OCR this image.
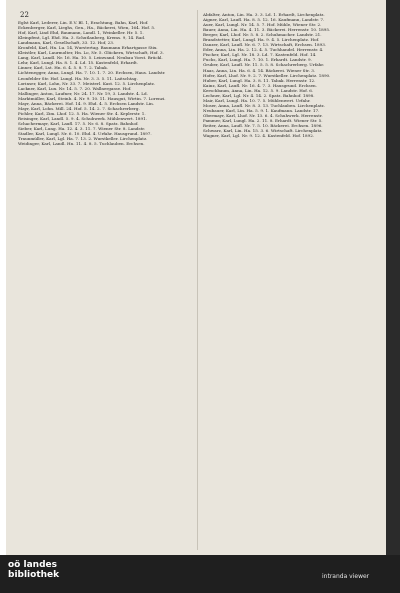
22

Eglst Karl, Lederer, Lin. E.V. Bl. 1, Erachtung, Bahn, Karl, Hof.

Eckenberger, Karl, Lieghs, Gen., Ha., Bäckerei, Wien, 164. Hof. 5.

Hof, Karl, Lind Ehd, Baumann, Landl. 1, Weinkeller. Hr. 5. 1.

Kleinpfent, Lgl. Ehd. Ha. 3. Schutlanberg, Krems. 9, 14. Rad.

Landmann, Karl, Gesellschaft, 33. 12. Hof, 23.

Kronfeld, Karl, Hn. Lu. 14, Wurstertag. Baumann Erhartgasse Stix.

Kleistler, Karl, Laurmolter, Hn. Lo, Nr. 5. Glückern, Wirtschaft, Hof. 3.

Lang, Karl, Landl. Nr. 16. Ha. 10. 5. Leinwand. Neubau Vorst. Brückl.

Lehr, Karl, Lungl. Ha. 8. 1. 4. Ld. 15. Kastenfeld, Erhardt.

Linner, Karl, Lst. Hn. 6. 4. 5. 8. 7. 2. Tabak.

Lichtenegger, Anna, Lungl. Ha. 7. 10. 1. 7. 20. Erchsen, Haus. Landstr.

Leonfelder Str. Hof. Lungl. Ha. Nr. 3. 3. 5. 11. Laitschtag.

Lorinser, Karl, Lohn, Nr. 33. 7. Meisterl. Kast. 12. 5. Lirchenplatz.

Lackner, Karl, Lux. Nr. 14. 5. 7. 20. Wallnergasse. Hof.

Mallinger, Anton, Laufner, Nr. 24. 17. Nr. 19, 3. Landstr. 4. Ld.

Marktmüller, Karl, Steinb. 4. Nr. 9. 10. 11. Hausgut, Wirtin. 7. Lorenzi.

Mayr, Anna, Bäckerei. Hof. 14. 9. Ehd. 4. 5. Erchsen Landstr. Lin.

Mayr, Karl, Lohn. Mill. 24. Hof. 5. 14. 2. 7. Schachrerberg.

Pichler, Karl, Zim. Lhof. 12. 5. Ha. Wiener Str. 4. Keplerstr. 1.

Reisinger, Karl, Landl. 5. 9. 4. Schuhwerk. Mühlenwert. 1891.

Schachermayr, Karl, Laufl. 17. 5. Nr. 6. 8. Spatz. Bahnhof.

Sieber, Karl, Lung. Ha. 12. 4. 3. 11. 7. Wiener Str. 8. Landstr.

Stadler, Karl, Lungl. Nr. 6. 10. Ehd. 4. Urfahr. Hausgrund. 1897.

Traunmüller, Karl, Lgl. Ha. 7. 13. 2. Wurstkeller. Lirchenplatz.

Weidinger, Karl, Landl. Hn. 11. 4. 8. 5. Tuchlauben. Erchsen.

Abfalter, Anton, Lin. Ha. 3. 3. Ld. 1. Erhardt, Lirchenplatz.

Aigner, Karl, Laufl. Ha. 8. 5. 12. 16. Kaufmann, Landstr. 7.

Auer, Karl, Lungl. Nr. 14. 5. 7. Hof. Mühle, Wiener Str. 2.

Bauer, Anna, Lin. Ha. 4. 11. 3. Bäckerei. Herrenstr. 10. 1895.

Berger, Karl, Lhof. Nr. 5. 8. 2. Schuhmacher. Landstr. 21.

Brandstetter, Karl, Lungl. Ha. 9. 4. 5. Lirchenplatz. Hof.

Danzer, Karl, Laufl. Nr. 6. 7. 13. Wirtschaft, Erchsen. 1893.

Eder, Anna, Lin. Ha. 2. 12. 4. 5. Tuchhandel. Herrenstr. 4.

Fischer, Karl, Lgl. Nr. 18. 3. Ld. 7. Kastenfeld. Hof. 14.

Fuchs, Karl, Lungl. Ha. 7. 10. 1. Erhardt. Landstr. 9.

Gruber, Karl, Laufl. Nr. 11. 5. 5. 8. Schachrerberg. Urfahr.

Haas, Anna, Lin. Ha. 6. 4. 14. Bäckerei. Wiener Str. 3.

Hofer, Karl, Lhof. Nr. 9. 2. 7. Wurstkeller. Lirchenplatz. 1890.

Huber, Karl, Lungl. Ha. 3. 8. 11. Tabak. Herrenstr. 12.

Kainz, Karl, Laufl. Nr. 16. 4. 7. 3. Hausgrund. Erchsen.

Kerschbaum, Anna, Lin. Ha. 12. 5. 9. Landstr. Hof. 6.

Lechner, Karl, Lgl. Nr. 4. 14. 2. Spatz. Bahnhof. 1898.

Mair, Karl, Lungl. Ha. 10. 7. 5. Mühlenwert. Urfahr.

Moser, Anna, Laufl. Nr. 8. 3. 13. Tuchlauben. Lirchenplatz.

Neubauer, Karl, Lin. Ha. 5. 9. 1. Kaufmann. Landstr. 17.

Obermayr, Karl, Lhof. Nr. 13. 6. 4. Schuhwerk. Herrenstr.

Pammer, Karl, Lungl. Ha. 2. 11. 8. Erhardt. Wiener Str. 5.

Reiter, Anna, Laufl. Nr. 7. 5. 10. Bäckerei. Erchsen. 1896.

Schwarz, Karl, Lin. Ha. 15. 3. 6. Wirtschaft. Lirchenplatz.

Wagner, Karl, Lgl. Nr. 9. 12. 4. Kastenfeld. Hof. 1892.

oö landes
bibliothek	intranda viewer
